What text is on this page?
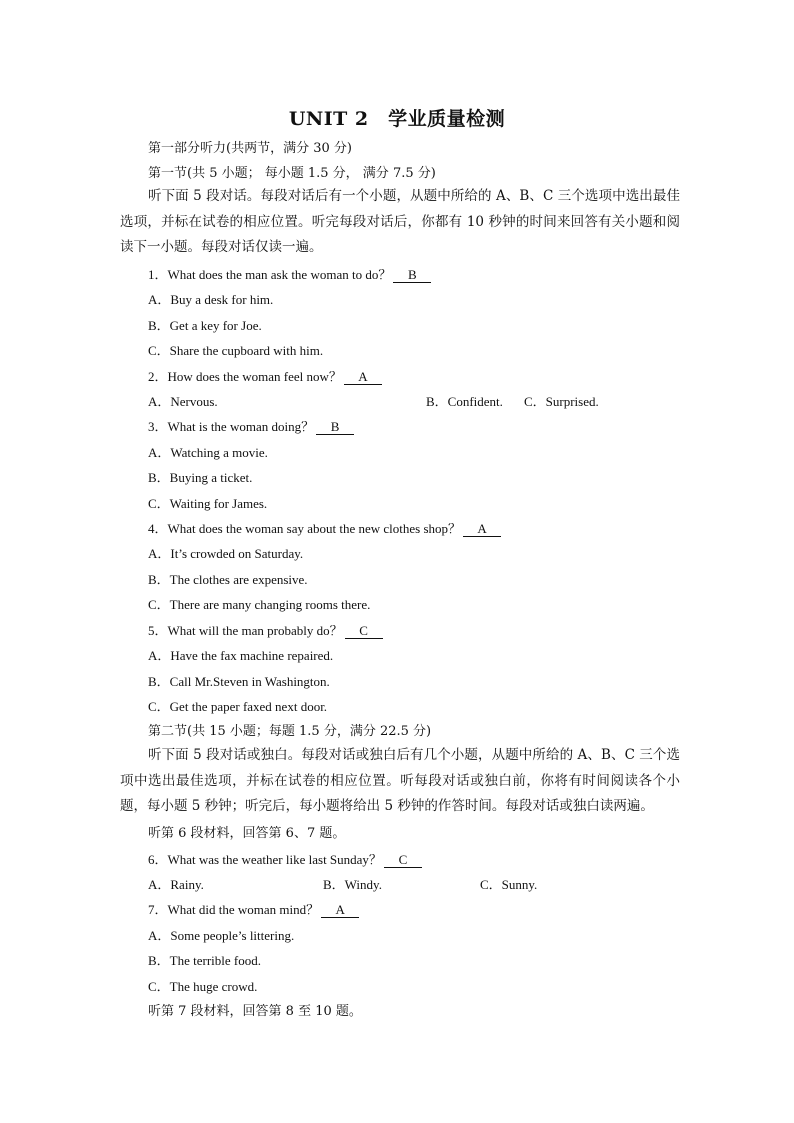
UNIT 2　学业质量检测
第一部分听力(共两节，满分 30 分)
第一节(共 5 小题； 每小题 1.5 分， 满分 7.5 分)
听下面 5 段对话。每段对话后有一个小题，从题中所给的 A、B、C 三个选项中选出最佳选项，并标在试卷的相应位置。听完每段对话后，你都有 10 秒钟的时间来回答有关小题和阅读下一小题。每段对话仅读一遍。
1．What does the man ask the woman to do？ B
A．Buy a desk for him.
B．Get a key for Joe.
C．Share the cupboard with him.
2．How does the woman feel now？ A
A．Nervous.	B．Confident. C．Surprised.
3．What is the woman doing？ B
A．Watching a movie.
B．Buying a ticket.
C．Waiting for James.
4．What does the woman say about the new clothes shop？ A
A．It’s crowded on Saturday.
B．The clothes are expensive.
C．There are many changing rooms there.
5．What will the man probably do？ C
A．Have the fax machine repaired.
B．Call Mr.Steven in Washington.
C．Get the paper faxed next door.
第二节(共 15 小题；每题 1.5 分，满分 22.5 分)
听下面 5 段对话或独白。每段对话或独白后有几个小题，从题中所给的 A、B、C 三个选项中选出最佳选项，并标在试卷的相应位置。听每段对话或独白前，你将有时间阅读各个小题，每小题 5 秒钟；听完后，每小题将给出 5 秒钟的作答时间。每段对话或独白读两遍。
听第 6 段材料，回答第 6、7 题。
6．What was the weather like last Sunday？ C
A．Rainy.	B．Windy.	C．Sunny.
7．What did the woman mind？ A
A．Some people’s littering.
B．The terrible food.
C．The huge crowd.
听第 7 段材料，回答第 8 至 10 题。
